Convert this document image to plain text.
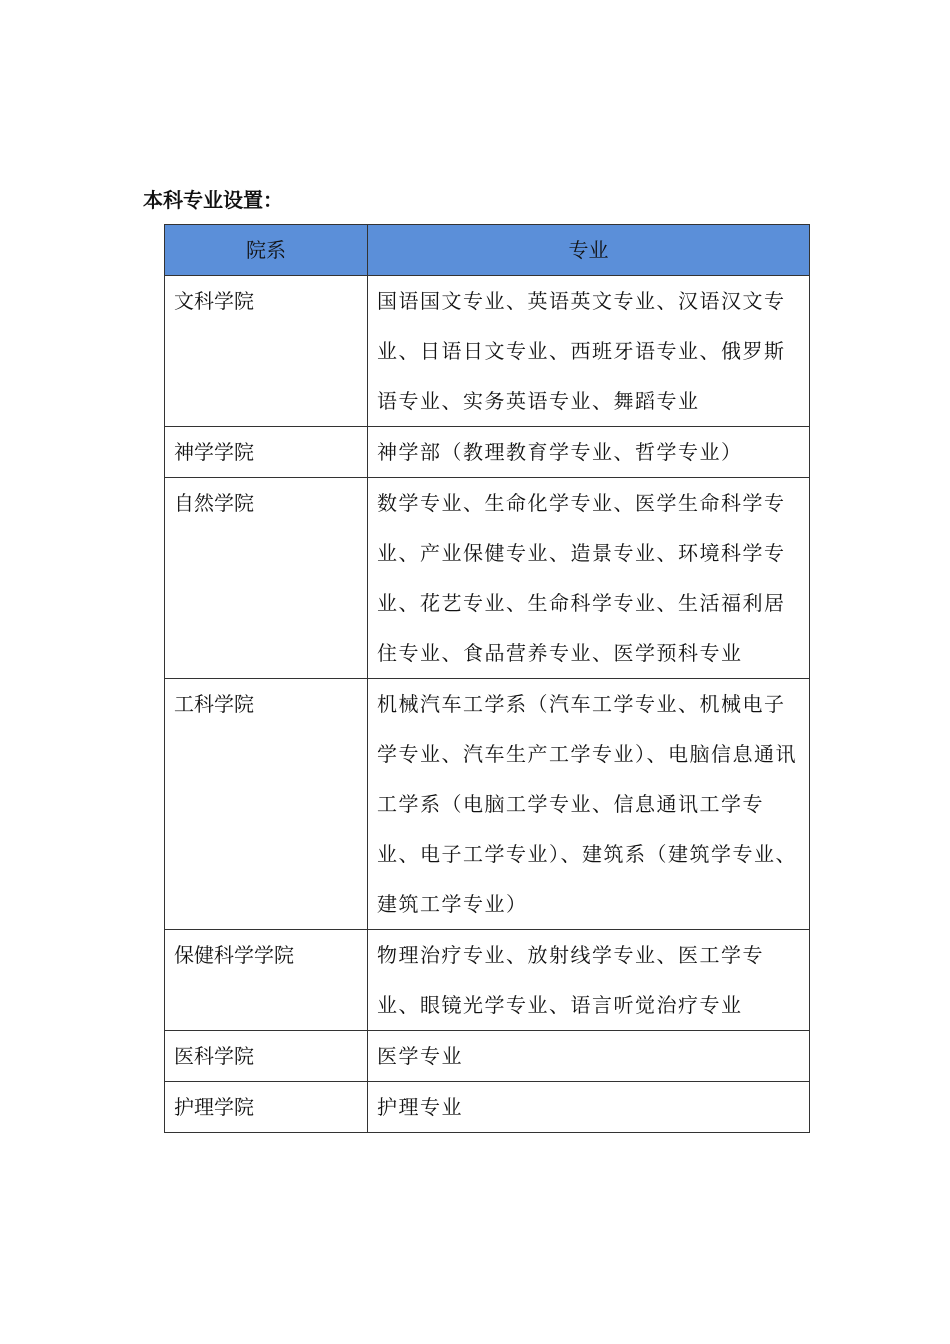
本科专业设置：
院系	专业
文科学院	国语国文专业、英语英文专业、汉语汉文专业、日语日文专业、西班牙语专业、俄罗斯语专业、实务英语专业、舞蹈专业
神学学院	神学部（教理教育学专业、哲学专业）
自然学院	数学专业、生命化学专业、医学生命科学专业、产业保健专业、造景专业、环境科学专业、花艺专业、生命科学专业、生活福利居住专业、食品营养专业、医学预科专业
工科学院	机械汽车工学系（汽车工学专业、机械电子学专业、汽车生产工学专业）、电脑信息通讯工学系（电脑工学专业、信息通讯工学专业、电子工学专业）、建筑系（建筑学专业、建筑工学专业）
保健科学学院	物理治疗专业、放射线学专业、医工学专业、眼镜光学专业、语言听觉治疗专业
医科学院	医学专业
护理学院	护理专业
